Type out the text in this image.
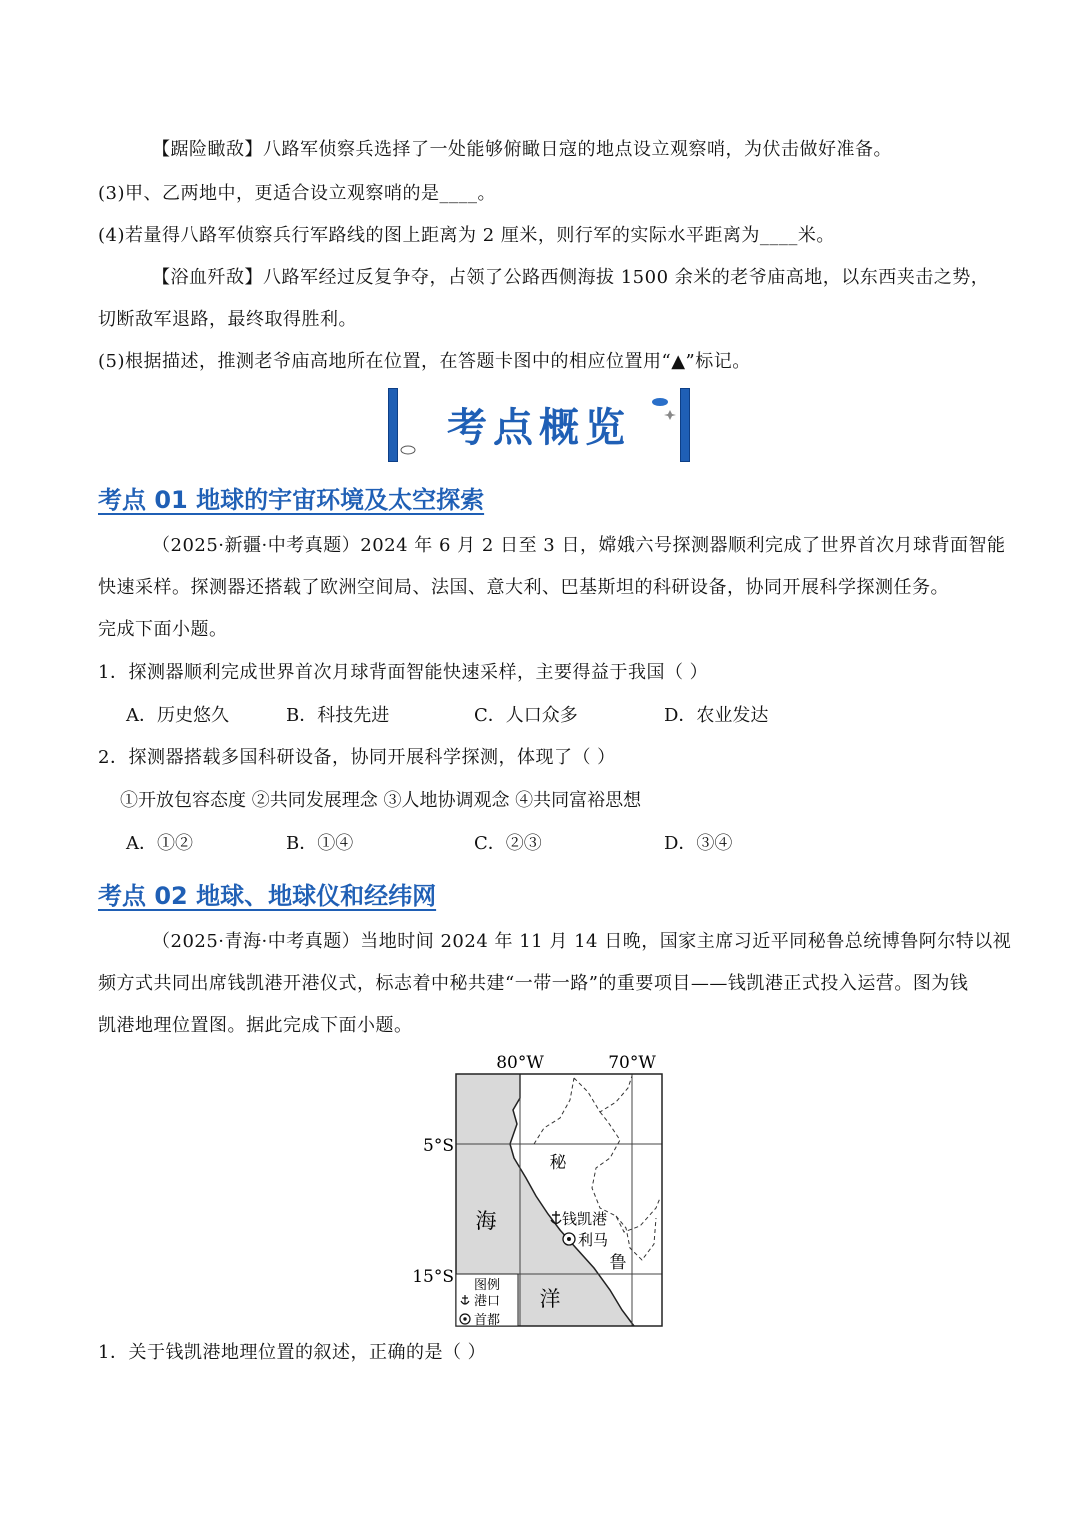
【踞险瞰敌】八路军侦察兵选择了一处能够俯瞰日寇的地点设立观察哨，为伏击做好准备。
(3)甲、乙两地中，更适合设立观察哨的是____。
(4)若量得八路军侦察兵行军路线的图上距离为 2 厘米，则行军的实际水平距离为____米。
【浴血歼敌】八路军经过反复争夺，占领了公路西侧海拔 1500 余米的老爷庙高地，以东西夹击之势，
切断敌军退路，最终取得胜利。
(5)根据描述，推测老爷庙高地所在位置，在答题卡图中的相应位置用“▲”标记。
考点概览
考点 01 地球的宇宙环境及太空探索
（2025·新疆·中考真题）2024 年 6 月 2 日至 3 日，嫦娥六号探测器顺利完成了世界首次月球背面智能
快速采样。探测器还搭载了欧洲空间局、法国、意大利、巴基斯坦的科研设备，协同开展科学探测任务。
完成下面小题。
1．探测器顺利完成世界首次月球背面智能快速采样，主要得益于我国（ ）
A．历史悠久	B．科技先进	C．人口众多	D．农业发达
2．探测器搭载多国科研设备，协同开展科学探测，体现了（ ）
①开放包容态度 ②共同发展理念 ③人地协调观念 ④共同富裕思想
A．①②	B．①④	C．②③	D．③④
考点 02 地球、地球仪和经纬网
（2025·青海·中考真题）当地时间 2024 年 11 月 14 日晚，国家主席习近平同秘鲁总统博鲁阿尔特以视
频方式共同出席钱凯港开港仪式，标志着中秘共建“一带一路”的重要项目——钱凯港正式投入运营。图为钱
凯港地理位置图。据此完成下面小题。
80°W	70°W
5°S
15°S
海
洋
秘
鲁
钱凯港
利马
图例
港口
首都
1．关于钱凯港地理位置的叙述，正确的是（ ）
